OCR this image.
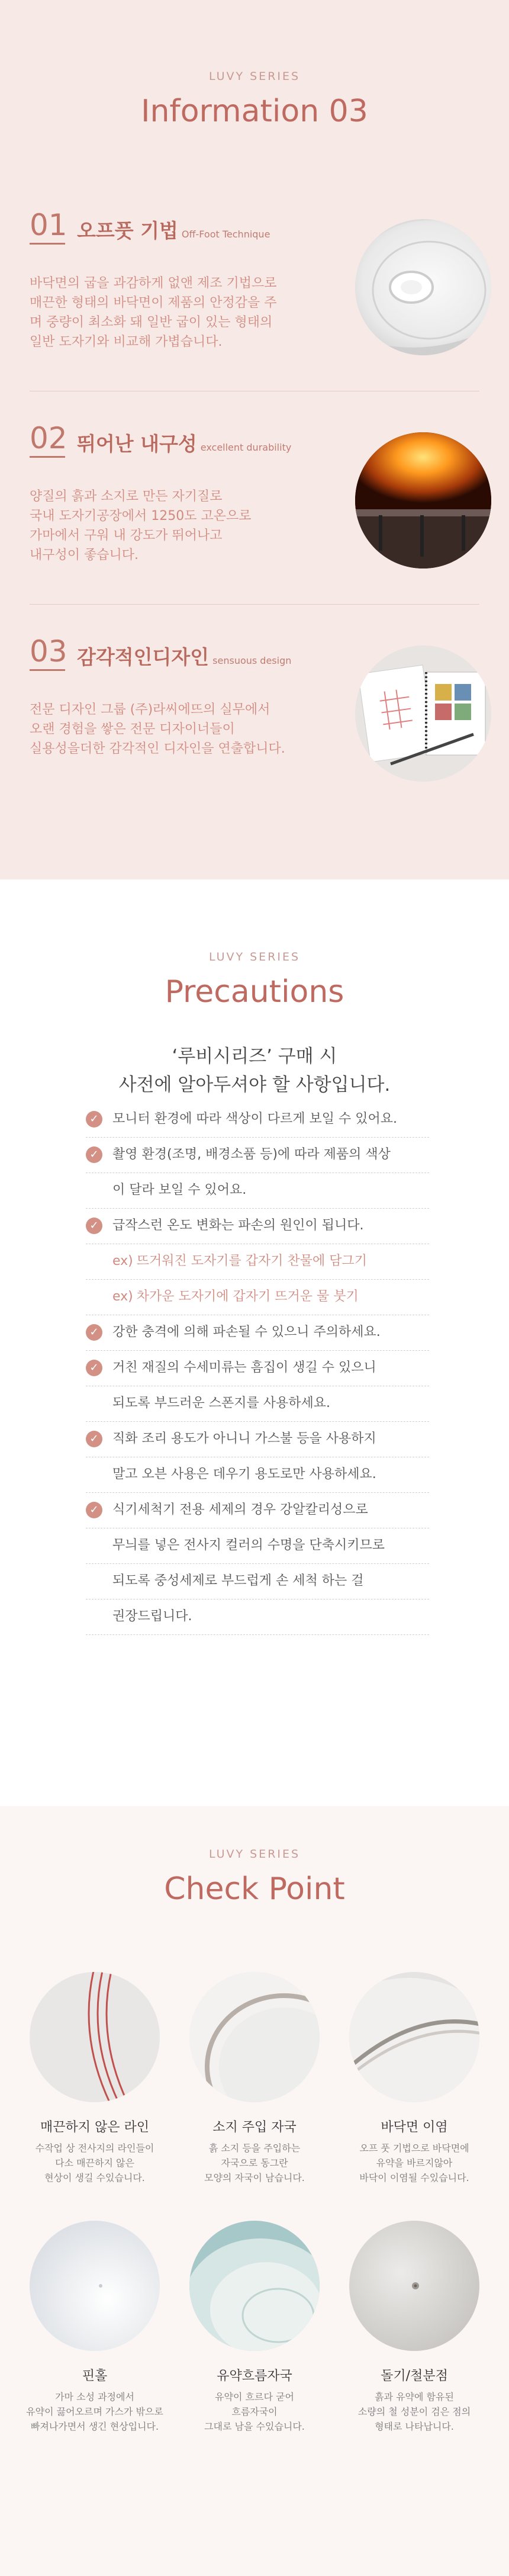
LUVY SERIES
Information 03
01 오프풋 기법 Off-Foot Technique
바닥면의 굽을 과감하게 없앤 제조 기법으로
매끈한 형태의 바닥면이 제품의 안정감을 주
며 중량이 최소화 돼 일반 굽이 있는 형태의
일반 도자기와 비교해 가볍습니다.
02 뛰어난 내구성 excellent durability
양질의 흙과 소지로 만든 자기질로
국내 도자기공장에서 1250도 고온으로
가마에서 구워 내 강도가 뛰어나고
내구성이 좋습니다.
03 감각적인디자인 sensuous design
전문 디자인 그룹 (주)라씨에뜨의 실무에서
오랜 경험을 쌓은 전문 디자이너들이
실용성을더한 감각적인 디자인을 연출합니다.
LUVY SERIES
Precautions
‘루비시리즈’ 구매 시
사전에 알아두셔야 할 사항입니다.
✓ 모니터 환경에 따라 색상이 다르게 보일 수 있어요.
✓ 촬영 환경(조명, 배경소품 등)에 따라 제품의 색상
이 달라 보일 수 있어요.
✓ 급작스런 온도 변화는 파손의 원인이 됩니다.
ex) 뜨거워진 도자기를 갑자기 찬물에 담그기
ex) 차가운 도자기에 갑자기 뜨거운 물 붓기
✓ 강한 충격에 의해 파손될 수 있으니 주의하세요.
✓ 거친 재질의 수세미류는 흠집이 생길 수 있으니
되도록 부드러운 스폰지를 사용하세요.
✓ 직화 조리 용도가 아니니 가스불 등을 사용하지
말고 오븐 사용은 데우기 용도로만 사용하세요.
✓ 식기세척기 전용 세제의 경우 강알칼리성으로
무늬를 넣은 전사지 컬러의 수명을 단축시키므로
되도록 중성세제로 부드럽게 손 세척 하는 걸
권장드립니다.
LUVY SERIES
Check Point
매끈하지 않은 라인
수작업 상 전사지의 라인들이
다소 매끈하지 않은
현상이 생길 수있습니다.
소지 주입 자국
흙 소지 등을 주입하는
자국으로 동그란
모양의 자국이 남습니다.
바닥면 이염
오프 풋 기법으로 바닥면에
유약을 바르지않아
바닥이 이염될 수있습니다.
핀홀
가마 소성 과정에서
유약이 끓어오르며 가스가 밖으로
빠져나가면서 생긴 현상입니다.
유약흐름자국
유약이 흐르다 굳어
흐름자국이
그대로 남을 수있습니다.
돌기/철분점
흙과 유약에 함유된
소량의 철 성분이 검은 점의
형태로 나타납니다.
